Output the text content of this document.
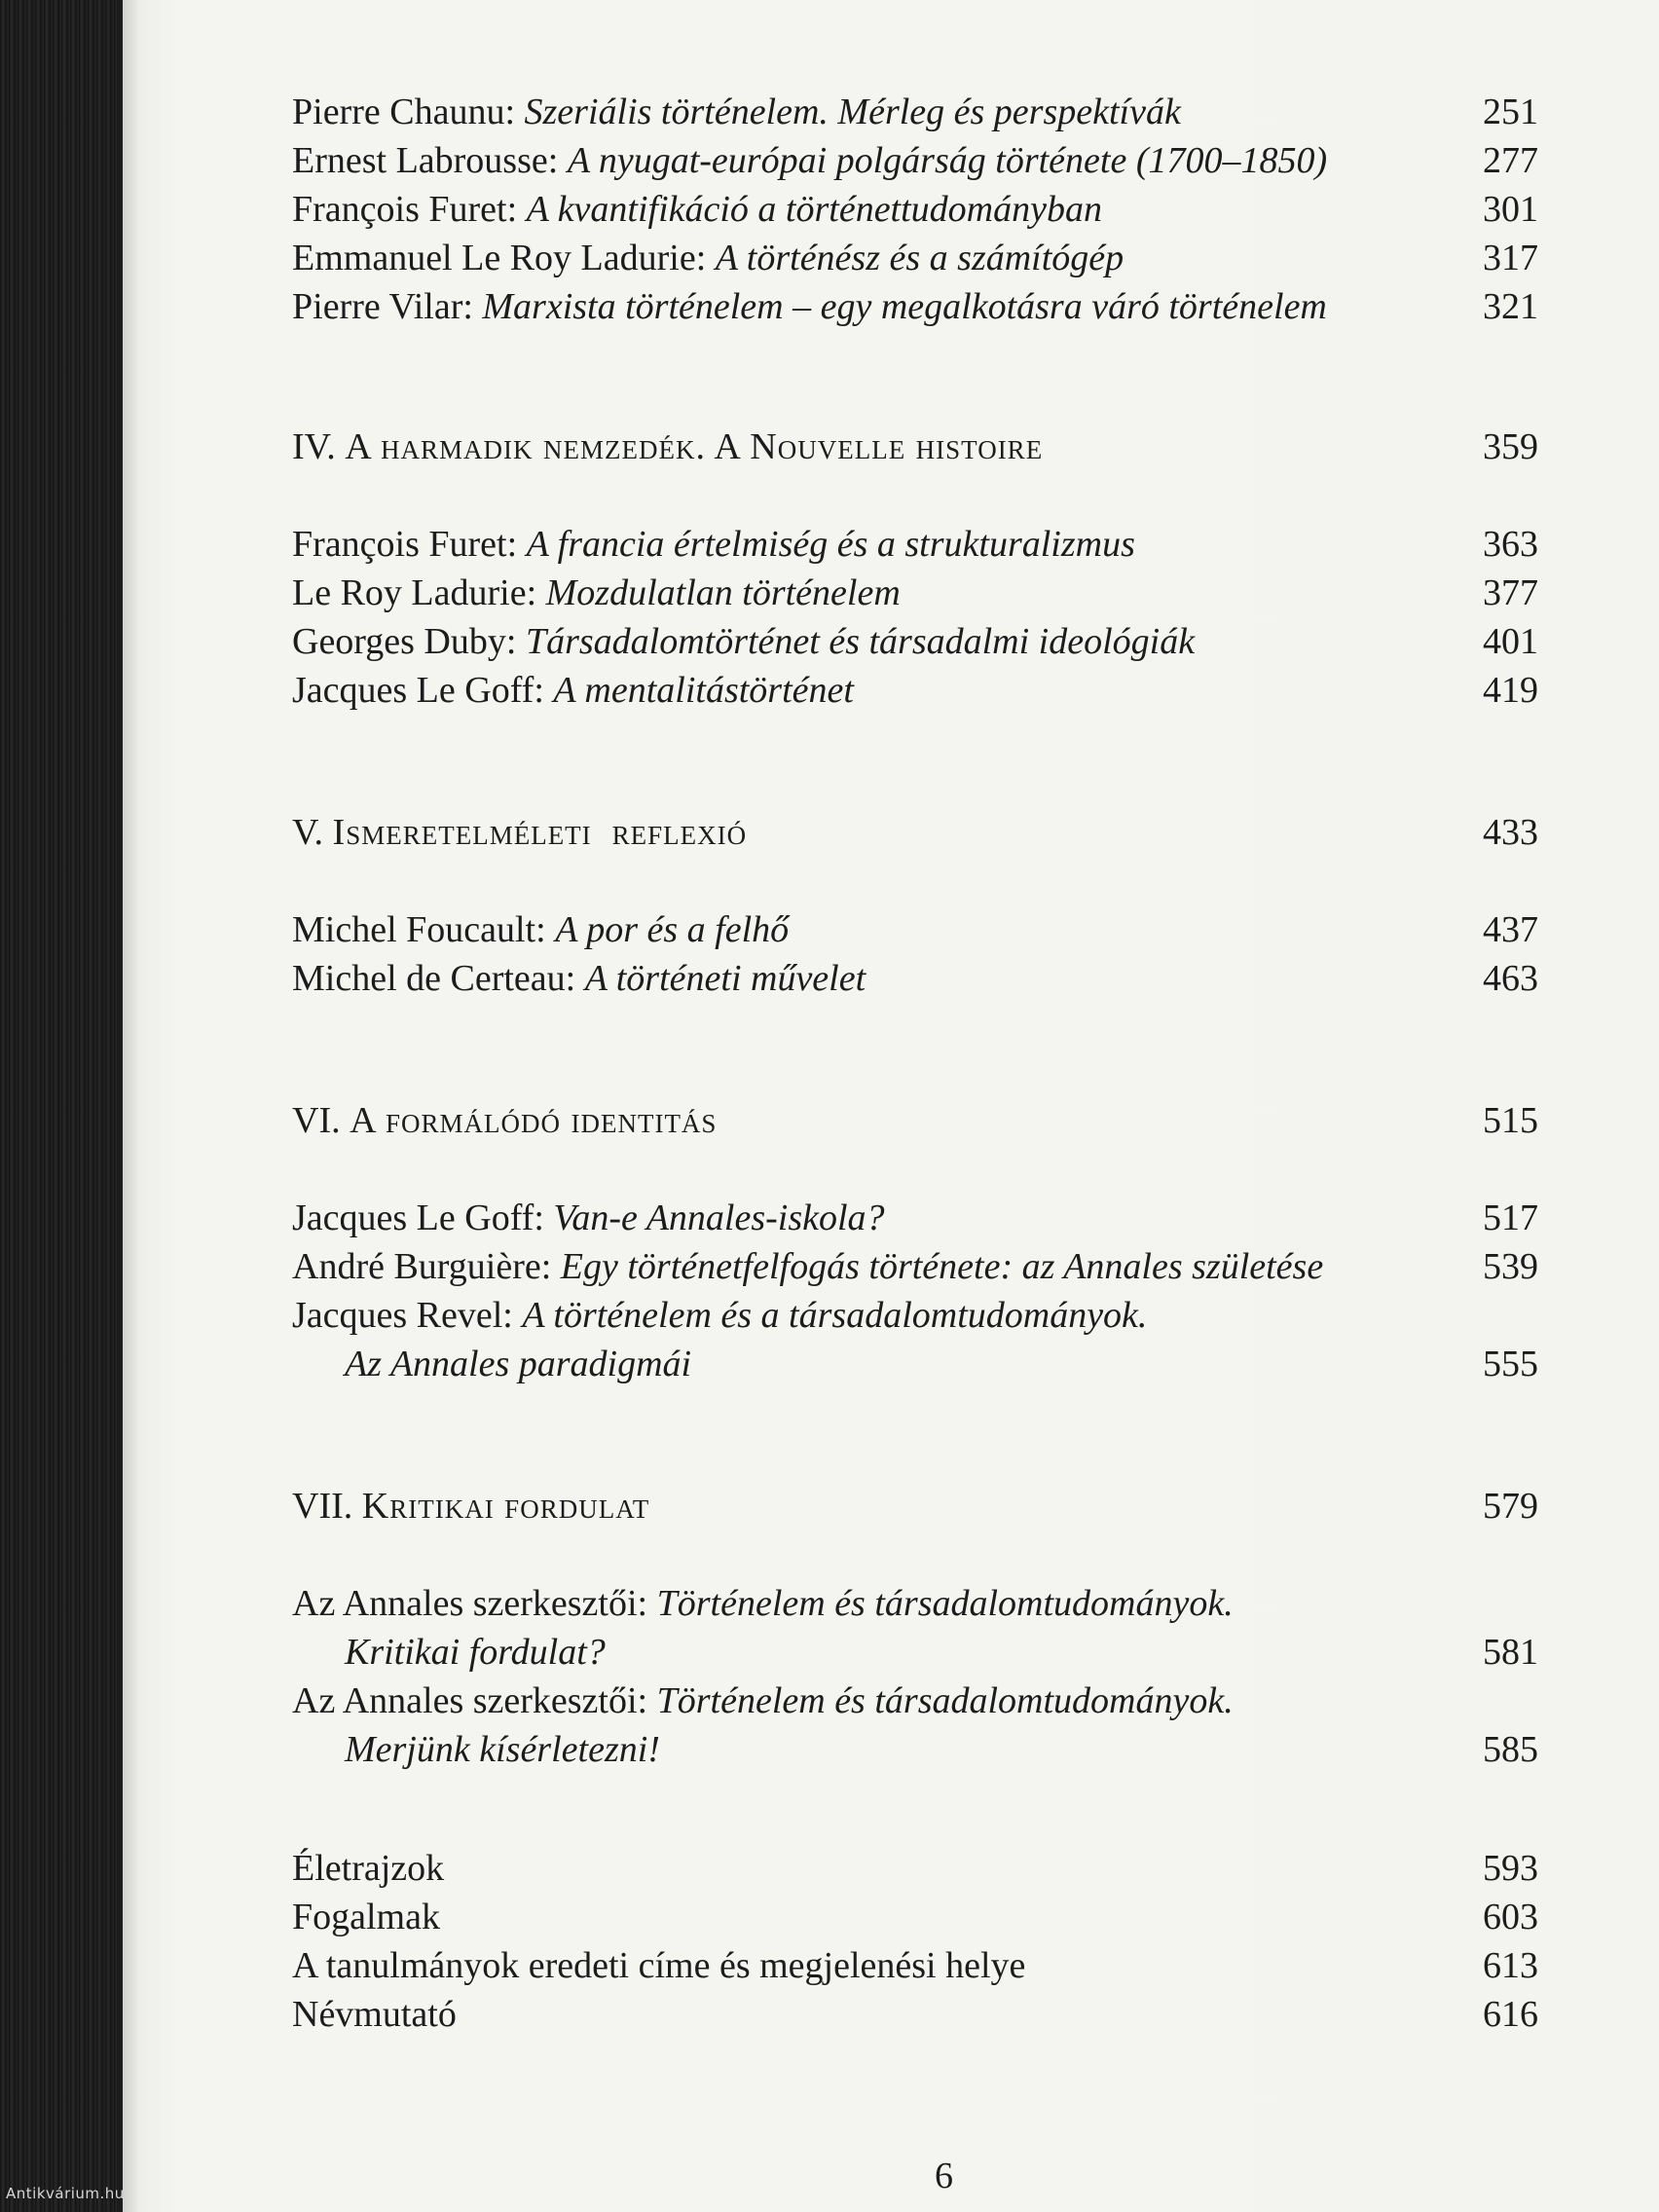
Pierre Chaunu: Szeriális történelem. Mérleg és perspektívák	251
Ernest Labrousse: A nyugat-európai polgárság története (1700–1850)	277
François Furet: A kvantifikáció a történettudományban	301
Emmanuel Le Roy Ladurie: A történész és a számítógép	317
Pierre Vilar: Marxista történelem – egy megalkotásra váró történelem	321
IV. A harmadik nemzedék. A Nouvelle histoire	359
François Furet: A francia értelmiség és a strukturalizmus	363
Le Roy Ladurie: Mozdulatlan történelem	377
Georges Duby: Társadalomtörténet és társadalmi ideológiák	401
Jacques Le Goff: A mentalitástörténet	419
V. Ismeretelméleti  reflexió	433
Michel Foucault: A por és a felhő	437
Michel de Certeau: A történeti művelet	463
VI. A formálódó identitás	515
Jacques Le Goff: Van-e Annales-iskola?	517
André Burguière: Egy történetfelfogás története: az Annales születése	539
Jacques Revel: A történelem és a társadalomtudományok.
Az Annales paradigmái	555
VII. Kritikai fordulat	579
Az Annales szerkesztői: Történelem és társadalomtudományok.
Kritikai fordulat?	581
Az Annales szerkesztői: Történelem és társadalomtudományok.
Merjünk kísérletezni!	585
Életrajzok	593
Fogalmak	603
A tanulmányok eredeti címe és megjelenési helye	613
Névmutató	616
6
Antikvárium.hu
